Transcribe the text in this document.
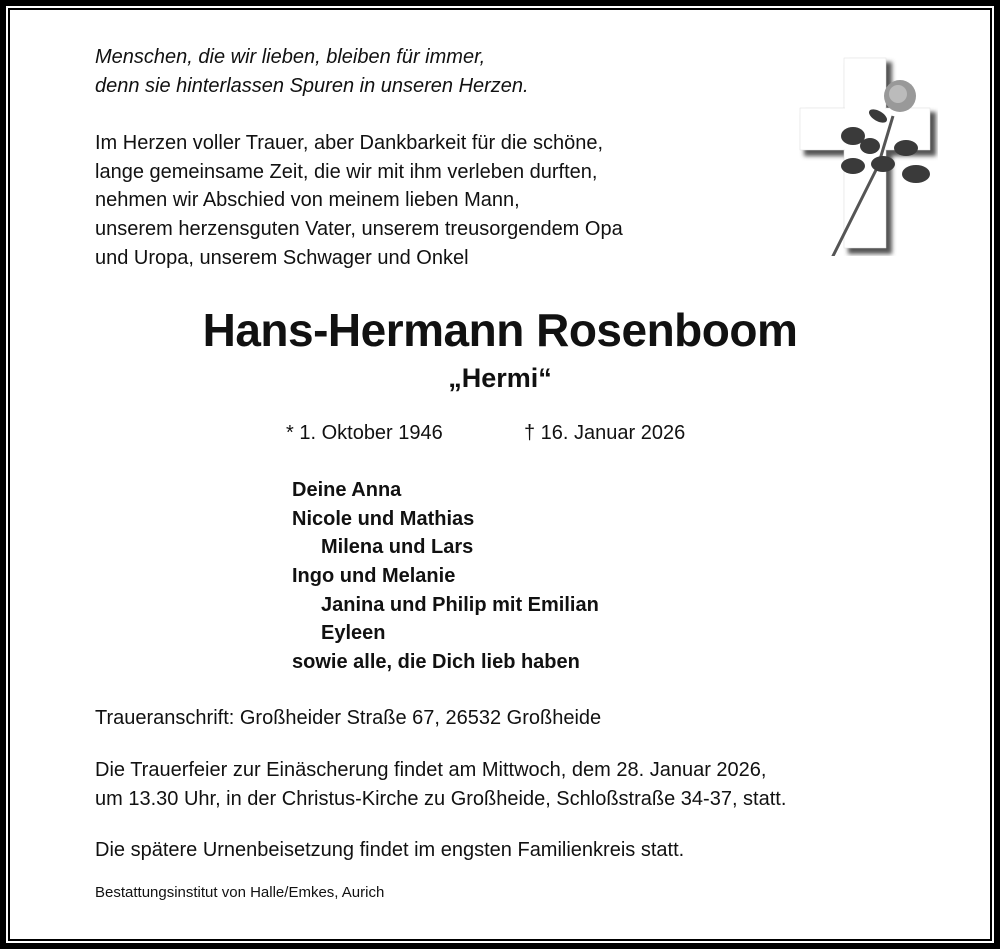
Menschen, die wir lieben, bleiben für immer,
denn sie hinterlassen Spuren in unseren Herzen.
Im Herzen voller Trauer, aber Dankbarkeit für die schöne,
lange gemeinsame Zeit, die wir mit ihm verleben durften,
nehmen wir Abschied von meinem lieben Mann,
unserem herzensguten Vater, unserem treusorgendem Opa
und Uropa, unserem Schwager und Onkel
Hans-Hermann Rosenboom
„Hermi“
* 1. Oktober 1946	† 16. Januar 2026
Deine Anna
Nicole und Mathias
Milena und Lars
Ingo und Melanie
Janina und Philip mit Emilian
Eyleen
sowie alle, die Dich lieb haben
Traueranschrift: Großheider Straße 67, 26532 Großheide
Die Trauerfeier zur Einäscherung findet am Mittwoch, dem 28. Januar 2026,
um 13.30 Uhr, in der Christus-Kirche zu Großheide, Schloßstraße 34-37, statt.
Die spätere Urnenbeisetzung findet im engsten Familienkreis statt.
Bestattungsinstitut von Halle/Emkes, Aurich
